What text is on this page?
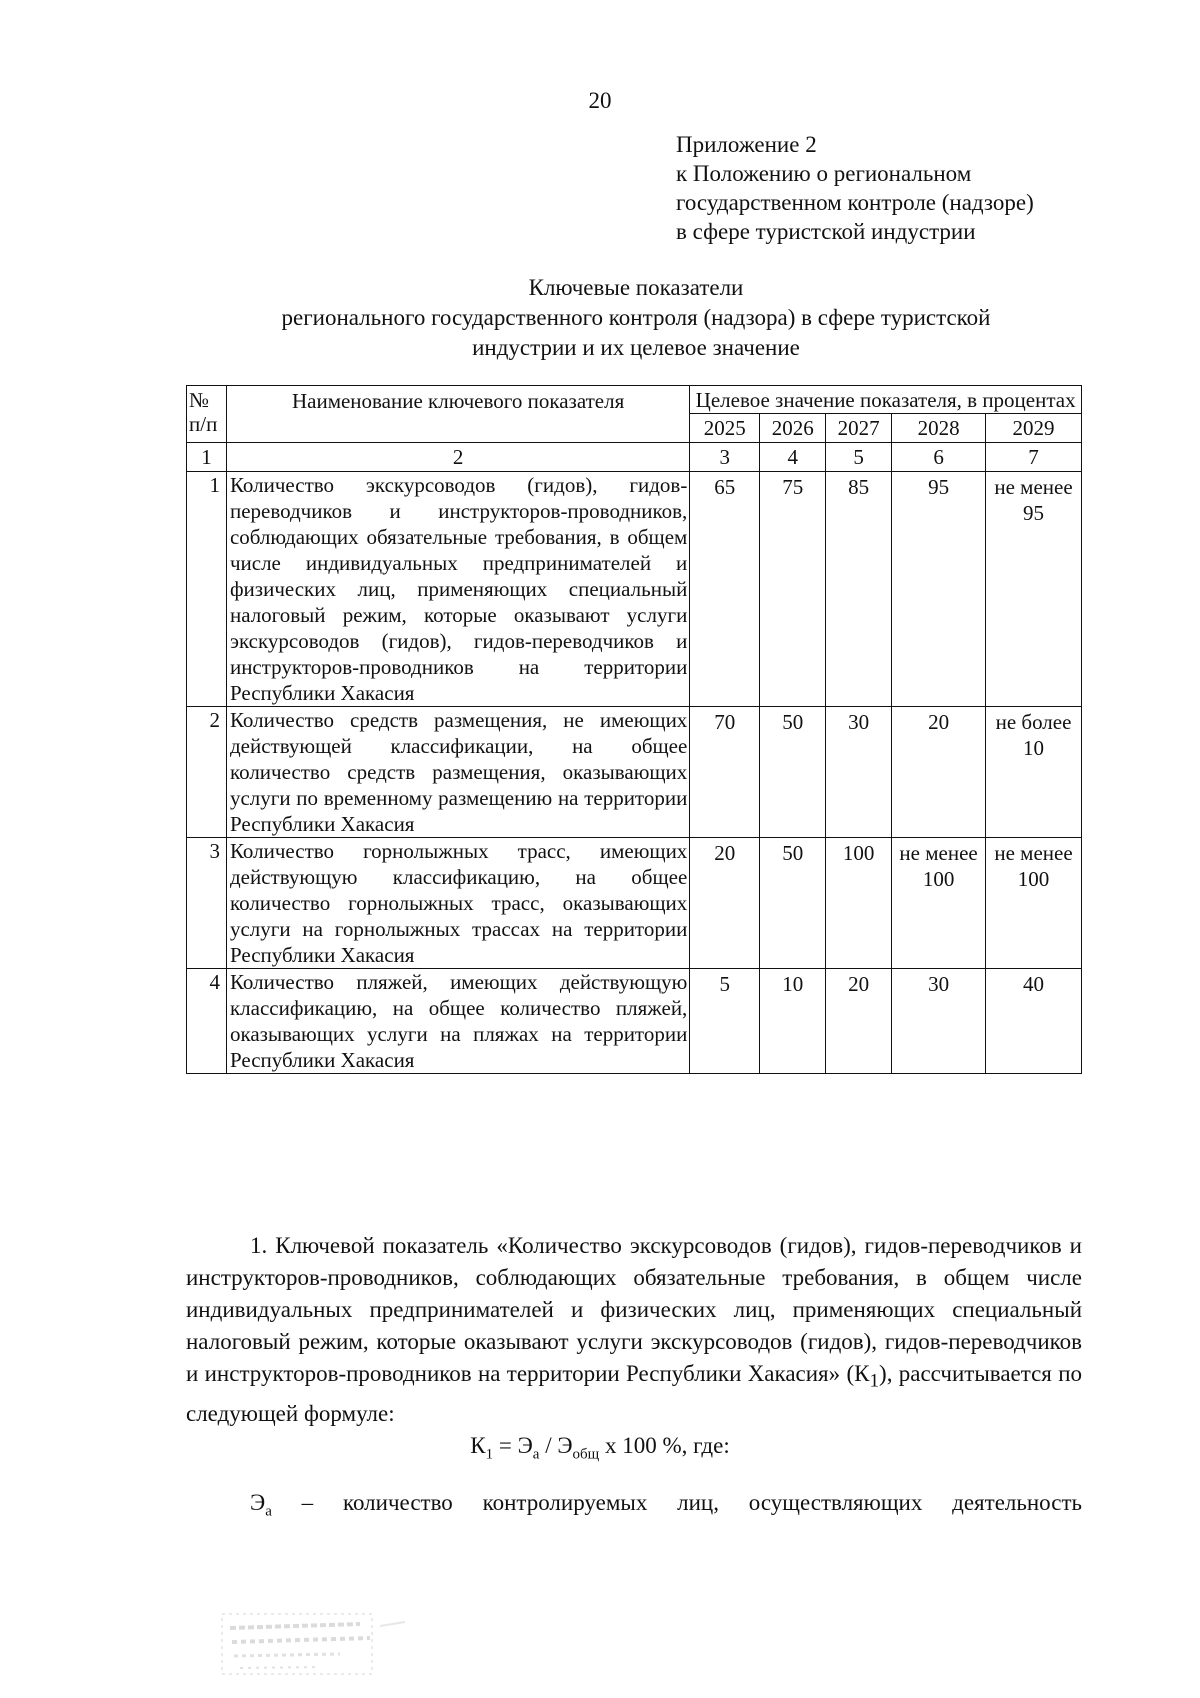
20
Приложение 2
к Положению о региональном
государственном контроле (надзоре)
в сфере туристской индустрии
Ключевые показатели
регионального государственного контроля (надзора) в сфере туристской
индустрии и их целевое значение
№ п/п	Наименование ключевого показателя	Целевое значение показателя, в процентах				
		2025	2026	2027	2028	2029
1	2	3	4	5	6	7
1	Количество экскурсоводов (гидов), гидов-переводчиков и инструкторов-проводников, соблюдающих обязательные требования, в общем числе индивидуальных предпринимателей и физических лиц, применяющих специальный налоговый режим, которые оказывают услуги экскурсоводов (гидов), гидов-переводчиков и инструкторов-проводников на территории Республики Хакасия	65	75	85	95	не менее 95
2	Количество средств размещения, не имеющих действующей классификации, на общее количество средств размещения, оказывающих услуги по временному размещению на территории Республики Хакасия	70	50	30	20	не более 10
3	Количество горнолыжных трасс, имеющих действующую классификацию, на общее количество горнолыжных трасс, оказывающих услуги на горнолыжных трассах на территории Республики Хакасия	20	50	100	не менее 100	не менее 100
4	Количество пляжей, имеющих действующую классификацию, на общее количество пляжей, оказывающих услуги на пляжах на территории Республики Хакасия	5	10	20	30	40
1. Ключевой показатель «Количество экскурсоводов (гидов), гидов-переводчиков и инструкторов-проводников, соблюдающих обязательные требования, в общем числе индивидуальных предпринимателей и физических лиц, применяющих специальный налоговый режим, которые оказывают услуги экскурсоводов (гидов), гидов-переводчиков и инструкторов-проводников на территории Республики Хакасия» $(К_1)$, рассчитывается по следующей формуле:
$К_1 = Э_а / Э_{общ}$ x 100 %, где:
$Э_а$ – количество контролируемых лиц, осуществляющих деятельность
